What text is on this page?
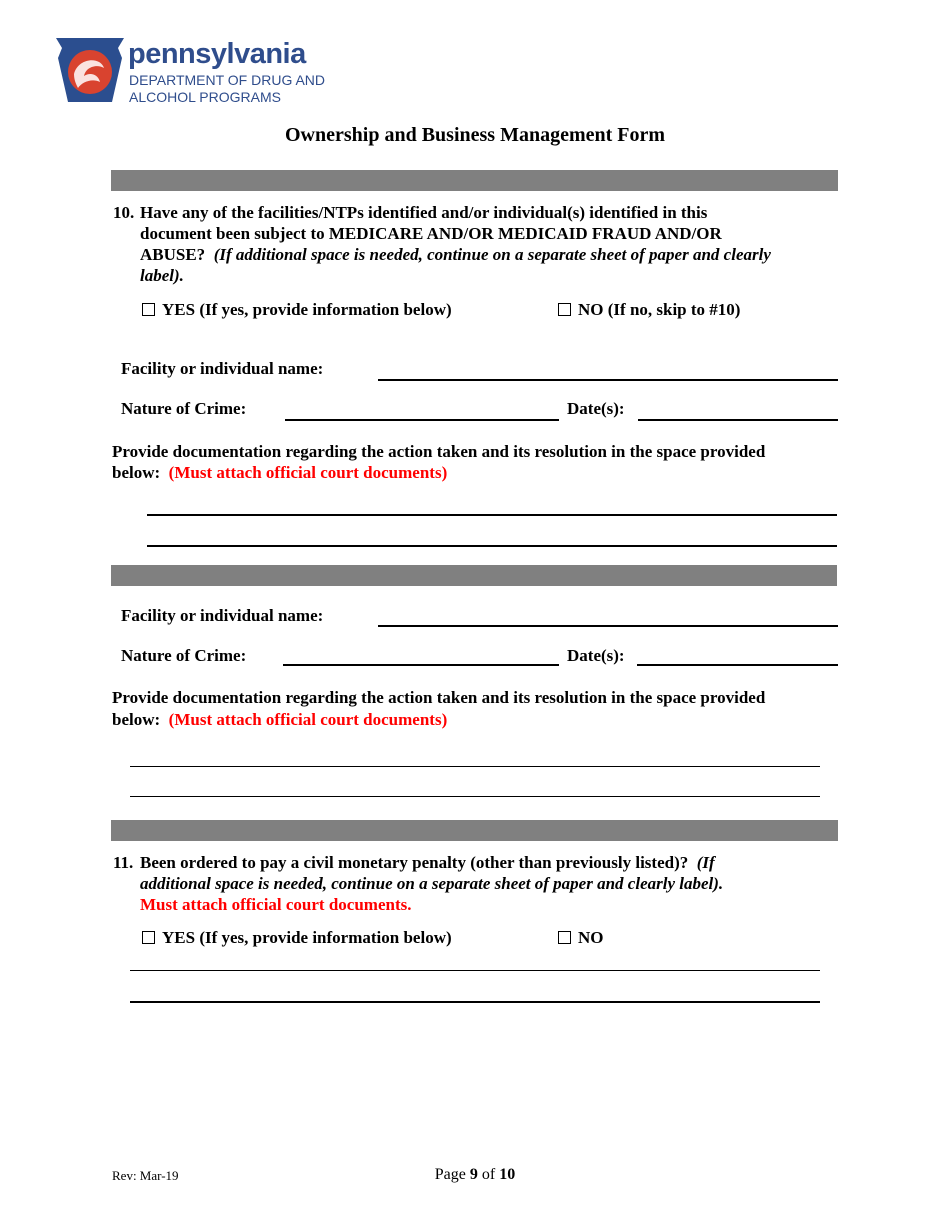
pennsylvania
DEPARTMENT OF DRUG AND
ALCOHOL PROGRAMS
Ownership and Business Management Form
10. Have any of the facilities/NTPs identified and/or individual(s) identified in this
document been subject to MEDICARE AND/OR MEDICAID FRAUD AND/OR
ABUSE? (If additional space is needed, continue on a separate sheet of paper and clearly
label).
YES (If yes, provide information below)	NO (If no, skip to #10)
Facility or individual name:
Nature of Crime:	Date(s):
Provide documentation regarding the action taken and its resolution in the space provided
below: (Must attach official court documents)
Facility or individual name:
Nature of Crime:	Date(s):
Provide documentation regarding the action taken and its resolution in the space provided
below: (Must attach official court documents)
11. Been ordered to pay a civil monetary penalty (other than previously listed)? (If
additional space is needed, continue on a separate sheet of paper and clearly label).
Must attach official court documents.
YES (If yes, provide information below)	NO
Rev: Mar-19	Page 9 of 10
